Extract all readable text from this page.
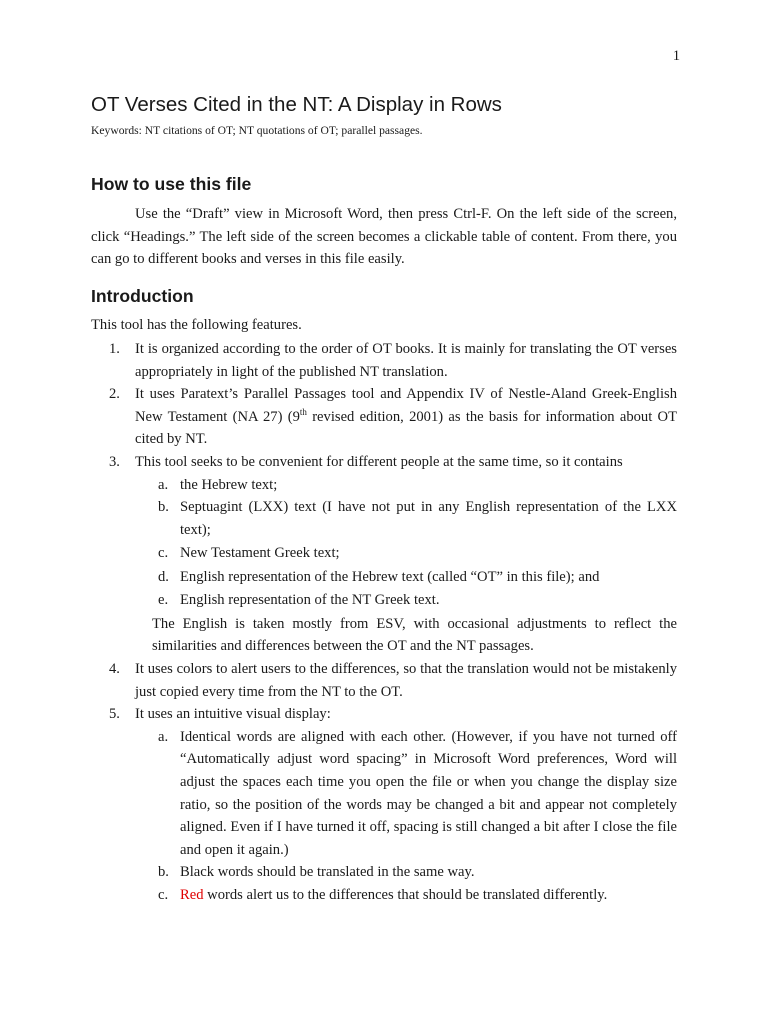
1
OT Verses Cited in the NT: A Display in Rows
Keywords: NT citations of OT; NT quotations of OT; parallel passages.
How to use this file

Use the “Draft” view in Microsoft Word, then press Ctrl-F. On the left side of the screen, click “Headings.” The left side of the screen becomes a clickable table of content. From there, you can go to different books and verses in this file easily.

Introduction

This tool has the following features.

1. It is organized according to the order of OT books. It is mainly for translating the OT verses appropriately in light of the published NT translation.
2. It uses Paratext’s Parallel Passages tool and Appendix IV of Nestle-Aland Greek-English New Testament (NA 27) (9th revised edition, 2001) as the basis for information about OT cited by NT.
3. This tool seeks to be convenient for different people at the same time, so it contains
a. the Hebrew text;
b. Septuagint (LXX) text (I have not put in any English representation of the LXX text);
c. New Testament Greek text;
d. English representation of the Hebrew text (called “OT” in this file); and
e. English representation of the NT Greek text.
The English is taken mostly from ESV, with occasional adjustments to reflect the similarities and differences between the OT and the NT passages.
4. It uses colors to alert users to the differences, so that the translation would not be mistakenly just copied every time from the NT to the OT.
5. It uses an intuitive visual display:
a. Identical words are aligned with each other. (However, if you have not turned off “Automatically adjust word spacing” in Microsoft Word preferences, Word will adjust the spaces each time you open the file or when you change the display size ratio, so the position of the words may be changed a bit and appear not completely aligned. Even if I have turned it off, spacing is still changed a bit after I close the file and open it again.)
b. Black words should be translated in the same way.
c. Red words alert us to the differences that should be translated differently.
